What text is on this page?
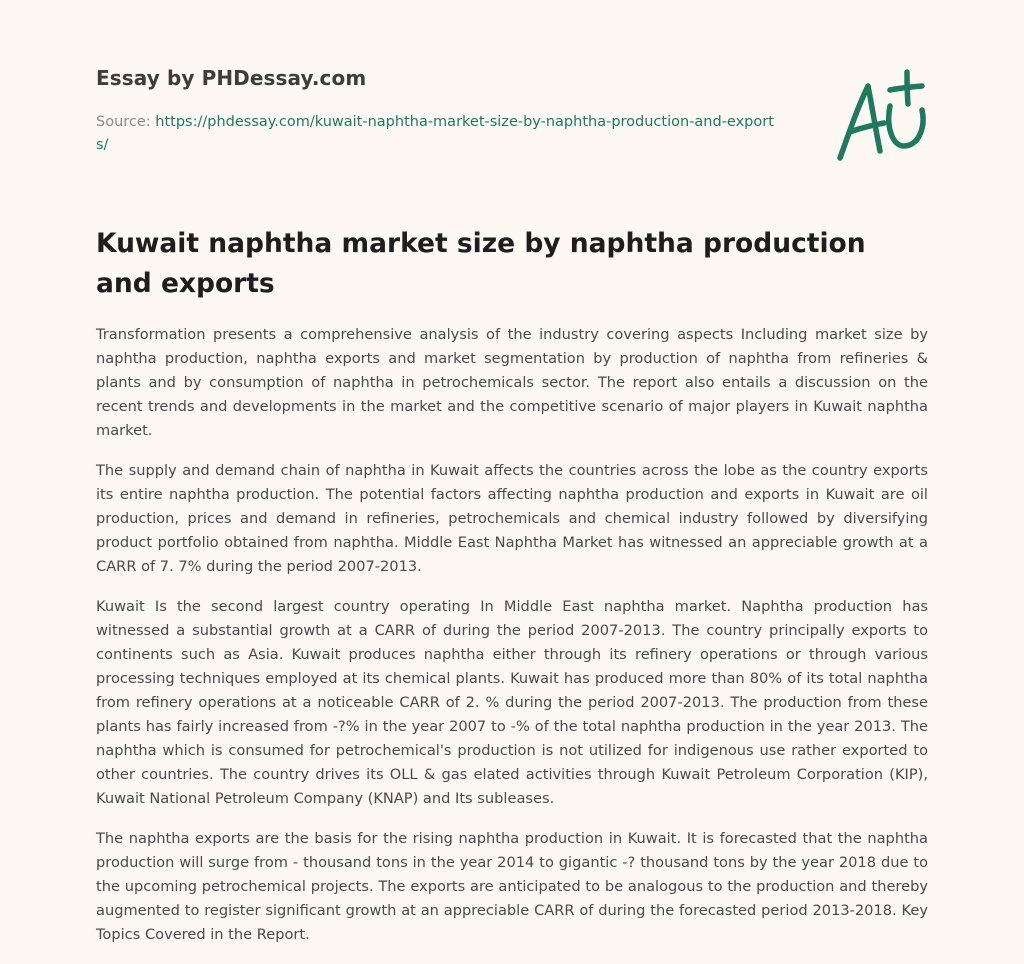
Essay by PHDessay.com
Source: https://phdessay.com/kuwait-naphtha-market-size-by-naphtha-production-and-exports/
Kuwait naphtha market size by naphtha production and exports

Transformation presents a comprehensive analysis of the industry covering aspects Including market size by naphtha production, naphtha exports and market segmentation by production of naphtha from refineries & plants and by consumption of naphtha in petrochemicals sector. The report also entails a discussion on the recent trends and developments in the market and the competitive scenario of major players in Kuwait naphtha market.

The supply and demand chain of naphtha in Kuwait affects the countries across the lobe as the country exports its entire naphtha production. The potential factors affecting naphtha production and exports in Kuwait are oil production, prices and demand in refineries, petrochemicals and chemical industry followed by diversifying product portfolio obtained from naphtha. Middle East Naphtha Market has witnessed an appreciable growth at a CARR of 7. 7% during the period 2007-2013.

Kuwait Is the second largest country operating In Middle East naphtha market. Naphtha production has witnessed a substantial growth at a CARR of during the period 2007-2013. The country principally exports to continents such as Asia. Kuwait produces naphtha either through its refinery operations or through various processing techniques employed at its chemical plants. Kuwait has produced more than 80% of its total naphtha from refinery operations at a noticeable CARR of 2. % during the period 2007-2013. The production from these plants has fairly increased from -?% in the year 2007 to -% of the total naphtha production in the year 2013. The naphtha which is consumed for petrochemical's production is not utilized for indigenous use rather exported to other countries. The country drives its OLL & gas elated activities through Kuwait Petroleum Corporation (KIP), Kuwait National Petroleum Company (KNAP) and Its subleases.

The naphtha exports are the basis for the rising naphtha production in Kuwait. It is forecasted that the naphtha production will surge from - thousand tons in the year 2014 to gigantic -? thousand tons by the year 2018 due to the upcoming petrochemical projects. The exports are anticipated to be analogous to the production and thereby augmented to register significant growth at an appreciable CARR of during the forecasted period 2013-2018. Key Topics Covered in the Report.
